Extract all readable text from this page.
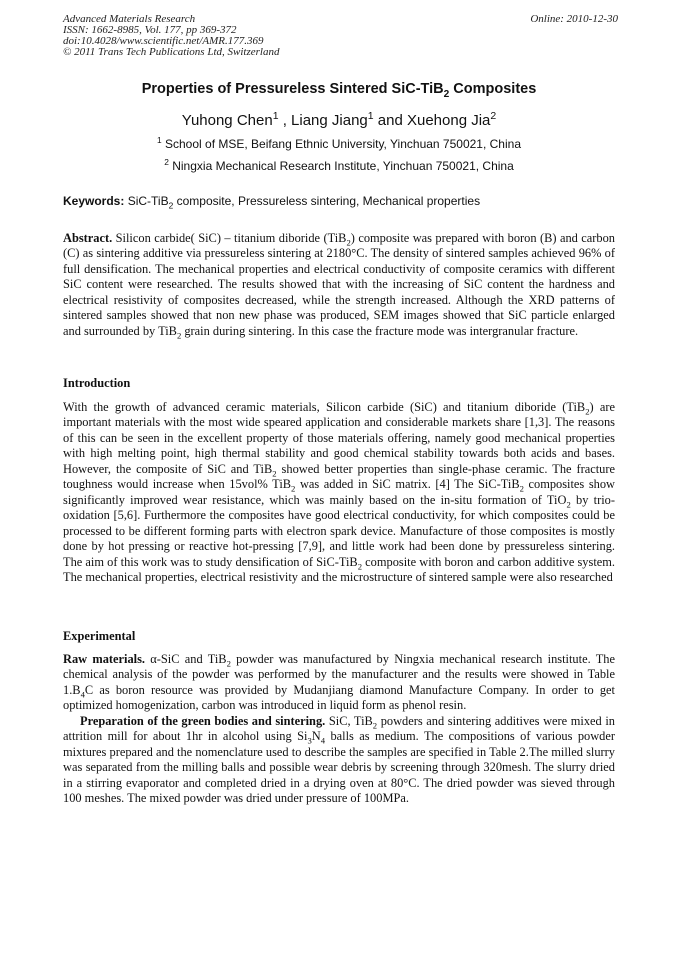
Advanced Materials Research
ISSN: 1662-8985, Vol. 177, pp 369-372
doi:10.4028/www.scientific.net/AMR.177.369
© 2011 Trans Tech Publications Ltd, Switzerland
Online: 2010-12-30
Properties of Pressureless Sintered SiC-TiB$_2$ Composites
Yuhong Chen$^1$ , Liang Jiang$^1$ and Xuehong Jia$^2$
$^1$ School of MSE, Beifang Ethnic University, Yinchuan 750021, China
$^2$ Ningxia Mechanical Research Institute, Yinchuan 750021, China
Keywords: SiC-TiB$_2$ composite, Pressureless sintering, Mechanical properties
Abstract. Silicon carbide( SiC) – titanium diboride (TiB$_2$) composite was prepared with boron (B) and carbon (C) as sintering additive via pressureless sintering at 2180°C. The density of sintered samples achieved 96% of full densification. The mechanical properties and electrical conductivity of composite ceramics with different SiC content were researched. The results showed that with the increasing of SiC content the hardness and electrical resistivity of composites decreased, while the strength increased. Although the XRD patterns of sintered samples showed that non new phase was produced, SEM images showed that SiC particle enlarged and surrounded by TiB$_2$ grain during sintering. In this case the fracture mode was intergranular fracture.
Introduction
With the growth of advanced ceramic materials, Silicon carbide (SiC) and titanium diboride (TiB$_2$) are important materials with the most wide speared application and considerable markets share [1,3]. The reasons of this can be seen in the excellent property of those materials offering, namely good mechanical properties with high melting point, high thermal stability and good chemical stability towards both acids and bases. However, the composite of SiC and TiB$_2$ showed better properties than single-phase ceramic. The fracture toughness would increase when 15vol% TiB$_2$ was added in SiC matrix. [4] The SiC-TiB$_2$ composites show significantly improved wear resistance, which was mainly based on the in-situ formation of TiO$_2$ by trio-oxidation [5,6]. Furthermore the composites have good electrical conductivity, for which composites could be processed to be different forming parts with electron spark device. Manufacture of those composites is mostly done by hot pressing or reactive hot-pressing [7,9], and little work had been done by pressureless sintering. The aim of this work was to study densification of SiC-TiB$_2$ composite with boron and carbon additive system. The mechanical properties, electrical resistivity and the microstructure of sintered sample were also researched
Experimental
Raw materials. α-SiC and TiB$_2$ powder was manufactured by Ningxia mechanical research institute. The chemical analysis of the powder was performed by the manufacturer and the results were showed in Table $1.B_4C$ as boron resource was provided by Mudanjiang diamond Manufacture Company. In order to get optimized homogenization, carbon was introduced in liquid form as phenol resin.
Preparation of the green bodies and sintering. SiC, TiB$_2$ powders and sintering additives were mixed in attrition mill for about 1hr in alcohol using $Si_3N_4$ balls as medium. The compositions of various powder mixtures prepared and the nomenclature used to describe the samples are specified in Table 2.The milled slurry was separated from the milling balls and possible wear debris by screening through 320mesh. The slurry dried in a stirring evaporator and completed dried in a drying oven at 80°C. The dried powder was sieved through 100 meshes. The mixed powder was dried under pressure of 100MPa.
